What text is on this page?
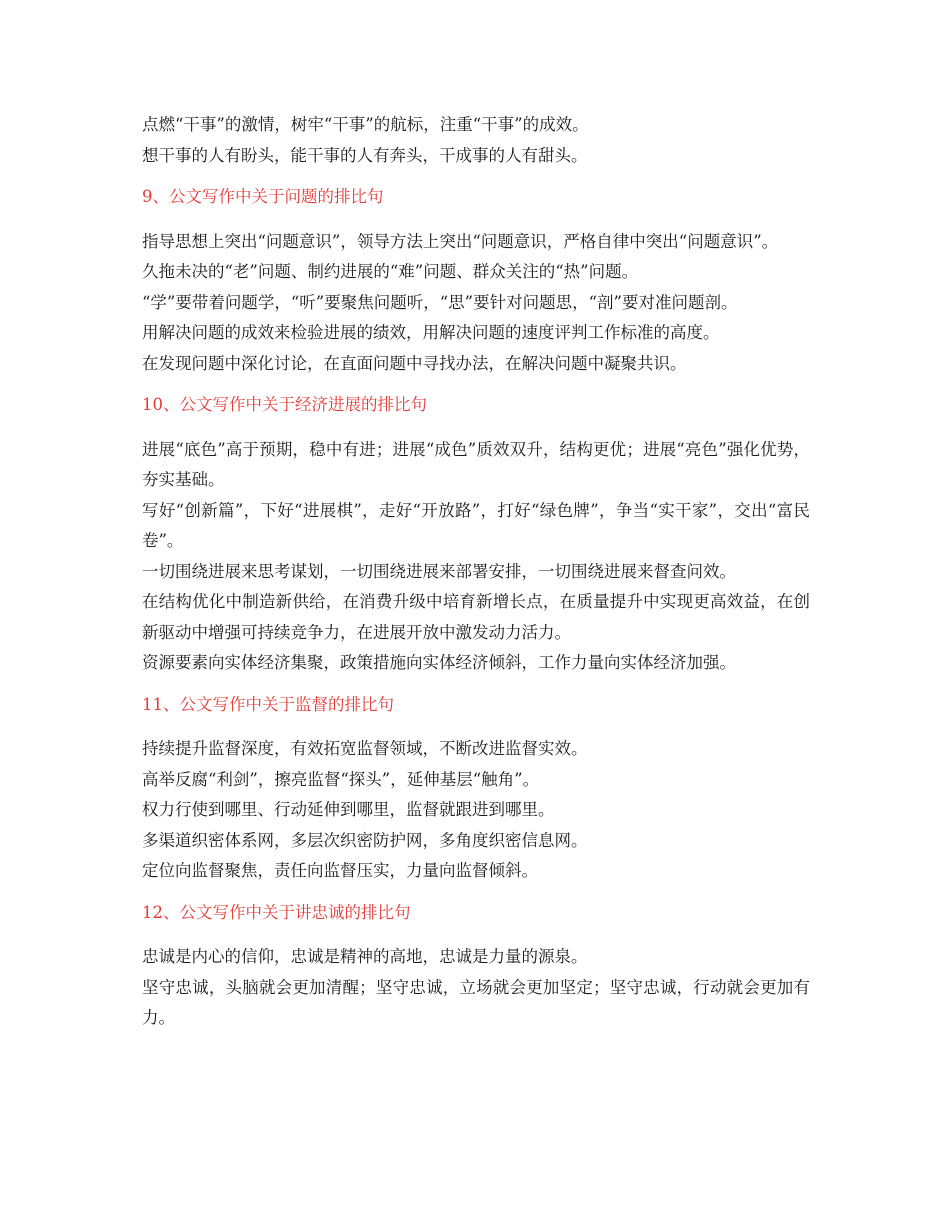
点燃“干事”的激情，树牢“干事”的航标，注重“干事”的成效。

想干事的人有盼头，能干事的人有奔头，干成事的人有甜头。

9、公文写作中关于问题的排比句

指导思想上突出“问题意识”，领导方法上突出“问题意识，严格自律中突出“问题意识”。

久拖未决的“老”问题、制约进展的“难”问题、群众关注的“热”问题。

“学”要带着问题学，“听”要聚焦问题听，“思”要针对问题思，“剖”要对准问题剖。

用解决问题的成效来检验进展的绩效，用解决问题的速度评判工作标准的高度。

在发现问题中深化讨论，在直面问题中寻找办法，在解决问题中凝聚共识。

10、公文写作中关于经济进展的排比句

进展“底色”高于预期，稳中有进；进展“成色”质效双升，结构更优；进展“亮色”强化优势，夯实基础。

写好“创新篇”，下好“进展棋”，走好“开放路”，打好“绿色牌”，争当“实干家”，交出“富民卷”。

一切围绕进展来思考谋划，一切围绕进展来部署安排，一切围绕进展来督查问效。

在结构优化中制造新供给，在消费升级中培育新增长点，在质量提升中实现更高效益，在创新驱动中增强可持续竞争力，在进展开放中激发动力活力。

资源要素向实体经济集聚，政策措施向实体经济倾斜，工作力量向实体经济加强。

11、公文写作中关于监督的排比句

持续提升监督深度，有效拓宽监督领域，不断改进监督实效。

高举反腐“利剑”，擦亮监督“探头”，延伸基层“触角”。

权力行使到哪里、行动延伸到哪里，监督就跟进到哪里。

多渠道织密体系网，多层次织密防护网，多角度织密信息网。

定位向监督聚焦，责任向监督压实，力量向监督倾斜。

12、公文写作中关于讲忠诚的排比句

忠诚是内心的信仰，忠诚是精神的高地，忠诚是力量的源泉。

坚守忠诚，头脑就会更加清醒；坚守忠诚，立场就会更加坚定；坚守忠诚，行动就会更加有力。
